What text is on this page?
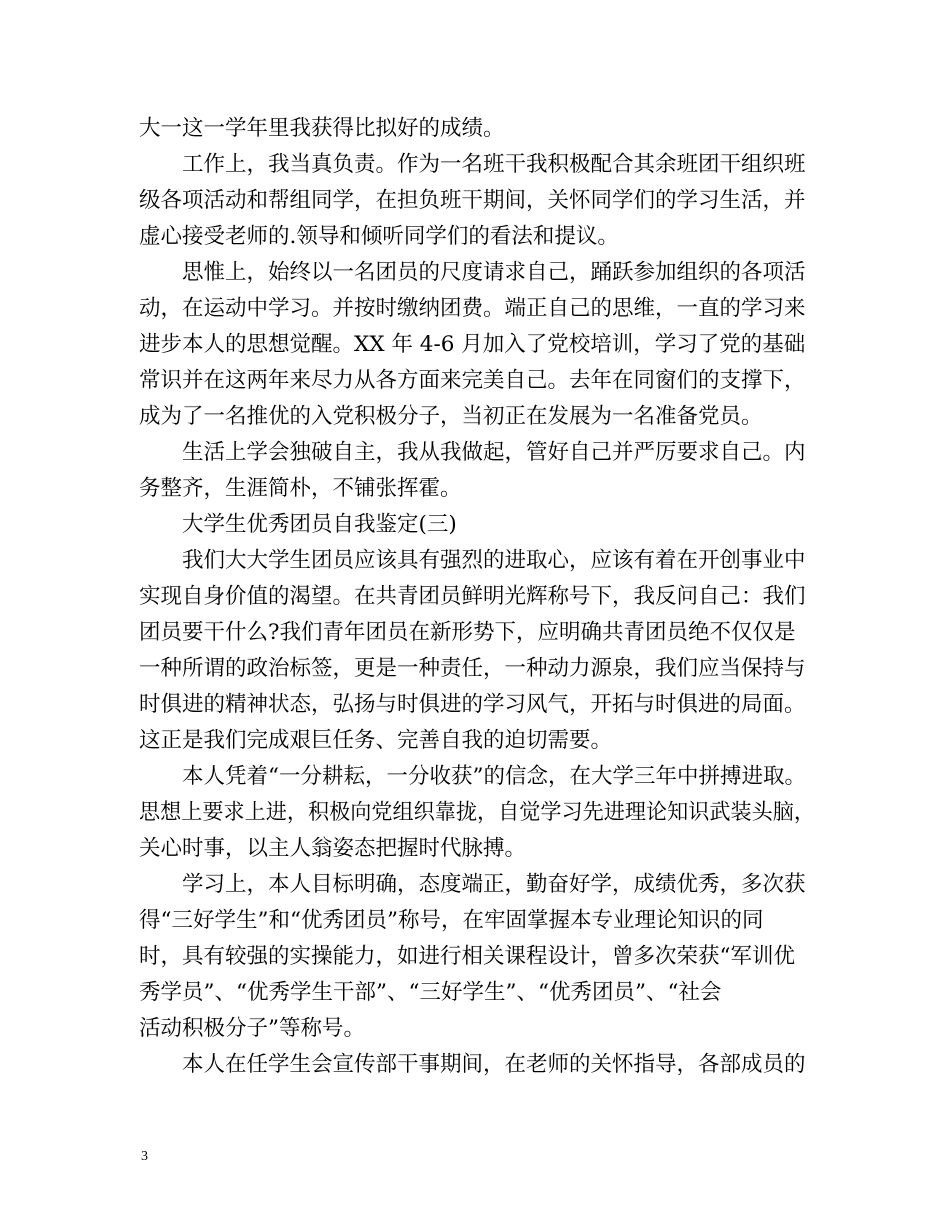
大一这一学年里我获得比拟好的成绩。

工作上，我当真负责。作为一名班干我积极配合其余班团干组织班

级各项活动和帮组同学，在担负班干期间，关怀同学们的学习生活，并

虚心接受老师的.领导和倾听同学们的看法和提议。

思惟上，始终以一名团员的尺度请求自己，踊跃参加组织的各项活

动，在运动中学习。并按时缴纳团费。端正自己的思维，一直的学习来

进步本人的思想觉醒。XX 年 4-6 月加入了党校培训，学习了党的基础

常识并在这两年来尽力从各方面来完美自己。去年在同窗们的支撑下，

成为了一名推优的入党积极分子，当初正在发展为一名准备党员。

生活上学会独破自主，我从我做起，管好自己并严厉要求自己。内

务整齐，生涯简朴，不铺张挥霍。

大学生优秀团员自我鉴定(三)

我们大大学生团员应该具有强烈的进取心，应该有着在开创事业中

实现自身价值的渴望。在共青团员鲜明光辉称号下，我反问自己：我们

团员要干什么?我们青年团员在新形势下，应明确共青团员绝不仅仅是

一种所谓的政治标签，更是一种责任，一种动力源泉，我们应当保持与

时俱进的精神状态，弘扬与时俱进的学习风气，开拓与时俱进的局面。

这正是我们完成艰巨任务、完善自我的迫切需要。

本人凭着“一分耕耘，一分收获”的信念，在大学三年中拼搏进取。

思想上要求上进，积极向党组织靠拢，自觉学习先进理论知识武装头脑，

关心时事，以主人翁姿态把握时代脉搏。

学习上，本人目标明确，态度端正，勤奋好学，成绩优秀，多次获

得“三好学生”和“优秀团员”称号，在牢固掌握本专业理论知识的同

时，具有较强的实操能力，如进行相关课程设计，曾多次荣获“军训优

秀学员”、“优秀学生干部”、“三好学生”、“优秀团员”、“社会

活动积极分子”等称号。

本人在任学生会宣传部干事期间，在老师的关怀指导，各部成员的

3
